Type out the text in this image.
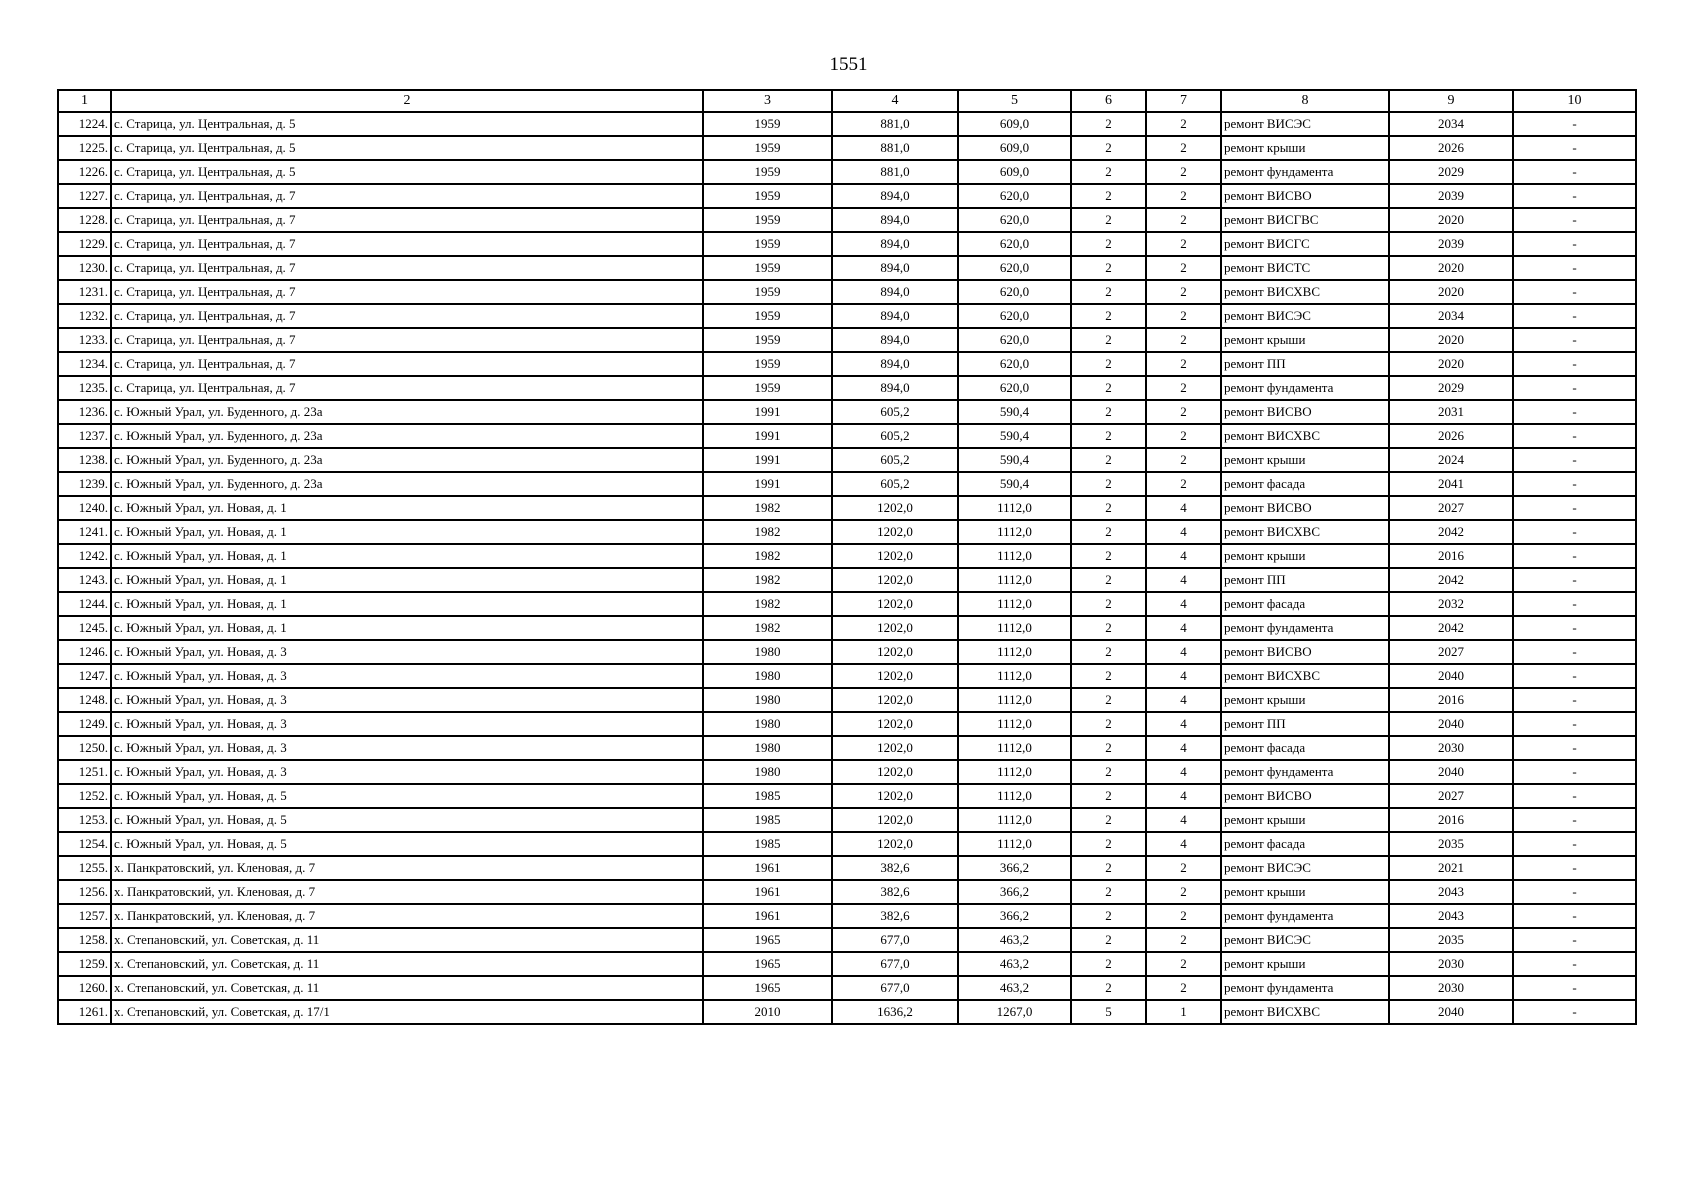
1551
1	2	3	4	5	6	7	8	9	10
1224.	с. Старица, ул. Центральная, д. 5	1959	881,0	609,0	2	2	ремонт ВИСЭС	2034	-
1225.	с. Старица, ул. Центральная, д. 5	1959	881,0	609,0	2	2	ремонт крыши	2026	-
1226.	с. Старица, ул. Центральная, д. 5	1959	881,0	609,0	2	2	ремонт фундамента	2029	-
1227.	с. Старица, ул. Центральная, д. 7	1959	894,0	620,0	2	2	ремонт ВИСВО	2039	-
1228.	с. Старица, ул. Центральная, д. 7	1959	894,0	620,0	2	2	ремонт ВИСГВС	2020	-
1229.	с. Старица, ул. Центральная, д. 7	1959	894,0	620,0	2	2	ремонт ВИСГС	2039	-
1230.	с. Старица, ул. Центральная, д. 7	1959	894,0	620,0	2	2	ремонт ВИСТС	2020	-
1231.	с. Старица, ул. Центральная, д. 7	1959	894,0	620,0	2	2	ремонт ВИСХВС	2020	-
1232.	с. Старица, ул. Центральная, д. 7	1959	894,0	620,0	2	2	ремонт ВИСЭС	2034	-
1233.	с. Старица, ул. Центральная, д. 7	1959	894,0	620,0	2	2	ремонт крыши	2020	-
1234.	с. Старица, ул. Центральная, д. 7	1959	894,0	620,0	2	2	ремонт ПП	2020	-
1235.	с. Старица, ул. Центральная, д. 7	1959	894,0	620,0	2	2	ремонт фундамента	2029	-
1236.	с. Южный Урал, ул. Буденного, д. 23а	1991	605,2	590,4	2	2	ремонт ВИСВО	2031	-
1237.	с. Южный Урал, ул. Буденного, д. 23а	1991	605,2	590,4	2	2	ремонт ВИСХВС	2026	-
1238.	с. Южный Урал, ул. Буденного, д. 23а	1991	605,2	590,4	2	2	ремонт крыши	2024	-
1239.	с. Южный Урал, ул. Буденного, д. 23а	1991	605,2	590,4	2	2	ремонт фасада	2041	-
1240.	с. Южный Урал, ул. Новая, д. 1	1982	1202,0	1112,0	2	4	ремонт ВИСВО	2027	-
1241.	с. Южный Урал, ул. Новая, д. 1	1982	1202,0	1112,0	2	4	ремонт ВИСХВС	2042	-
1242.	с. Южный Урал, ул. Новая, д. 1	1982	1202,0	1112,0	2	4	ремонт крыши	2016	-
1243.	с. Южный Урал, ул. Новая, д. 1	1982	1202,0	1112,0	2	4	ремонт ПП	2042	-
1244.	с. Южный Урал, ул. Новая, д. 1	1982	1202,0	1112,0	2	4	ремонт фасада	2032	-
1245.	с. Южный Урал, ул. Новая, д. 1	1982	1202,0	1112,0	2	4	ремонт фундамента	2042	-
1246.	с. Южный Урал, ул. Новая, д. 3	1980	1202,0	1112,0	2	4	ремонт ВИСВО	2027	-
1247.	с. Южный Урал, ул. Новая, д. 3	1980	1202,0	1112,0	2	4	ремонт ВИСХВС	2040	-
1248.	с. Южный Урал, ул. Новая, д. 3	1980	1202,0	1112,0	2	4	ремонт крыши	2016	-
1249.	с. Южный Урал, ул. Новая, д. 3	1980	1202,0	1112,0	2	4	ремонт ПП	2040	-
1250.	с. Южный Урал, ул. Новая, д. 3	1980	1202,0	1112,0	2	4	ремонт фасада	2030	-
1251.	с. Южный Урал, ул. Новая, д. 3	1980	1202,0	1112,0	2	4	ремонт фундамента	2040	-
1252.	с. Южный Урал, ул. Новая, д. 5	1985	1202,0	1112,0	2	4	ремонт ВИСВО	2027	-
1253.	с. Южный Урал, ул. Новая, д. 5	1985	1202,0	1112,0	2	4	ремонт крыши	2016	-
1254.	с. Южный Урал, ул. Новая, д. 5	1985	1202,0	1112,0	2	4	ремонт фасада	2035	-
1255.	х. Панкратовский, ул. Кленовая, д. 7	1961	382,6	366,2	2	2	ремонт ВИСЭС	2021	-
1256.	х. Панкратовский, ул. Кленовая, д. 7	1961	382,6	366,2	2	2	ремонт крыши	2043	-
1257.	х. Панкратовский, ул. Кленовая, д. 7	1961	382,6	366,2	2	2	ремонт фундамента	2043	-
1258.	х. Степановский, ул. Советская, д. 11	1965	677,0	463,2	2	2	ремонт ВИСЭС	2035	-
1259.	х. Степановский, ул. Советская, д. 11	1965	677,0	463,2	2	2	ремонт крыши	2030	-
1260.	х. Степановский, ул. Советская, д. 11	1965	677,0	463,2	2	2	ремонт фундамента	2030	-
1261.	х. Степановский, ул. Советская, д. 17/1	2010	1636,2	1267,0	5	1	ремонт ВИСХВС	2040	-
